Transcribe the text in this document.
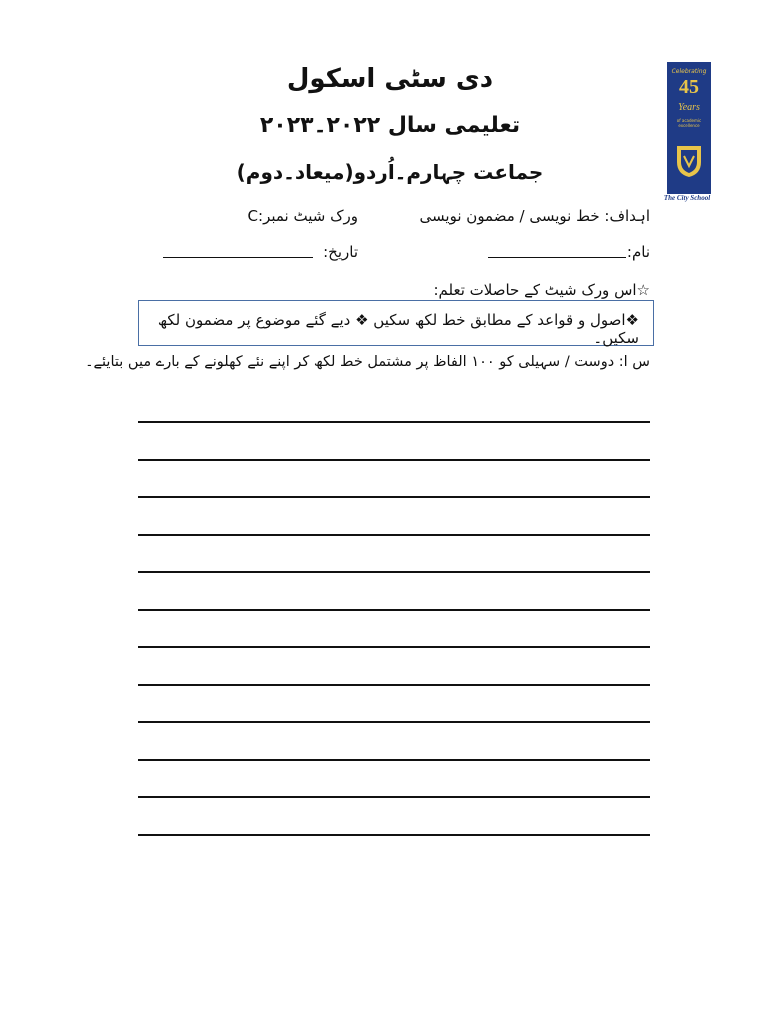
دی سٹی اسکول
تعلیمی سال ۲۰۲۲۔۲۰۲۳
جماعت چہارم۔اُردو(میعاد۔دوم)
اہداف: خط نویسی / مضمون نویسی
ورک شیٹ نمبر:C
نام:
تاریخ:
☆اس ورک شیٹ کے حاصلات تعلم:
❖اصول و قواعد کے مطابق خط لکھ سکیں ❖ دیے گئے موضوع پر مضمون لکھ سکیں۔
س ا: دوست / سہیلی کو ۱۰۰ الفاظ پر مشتمل خط لکھ کر اپنے نئے کھلونے کے بارے میں بتایئے۔
Celebrating
45
Years
of academic excellence
The City School
